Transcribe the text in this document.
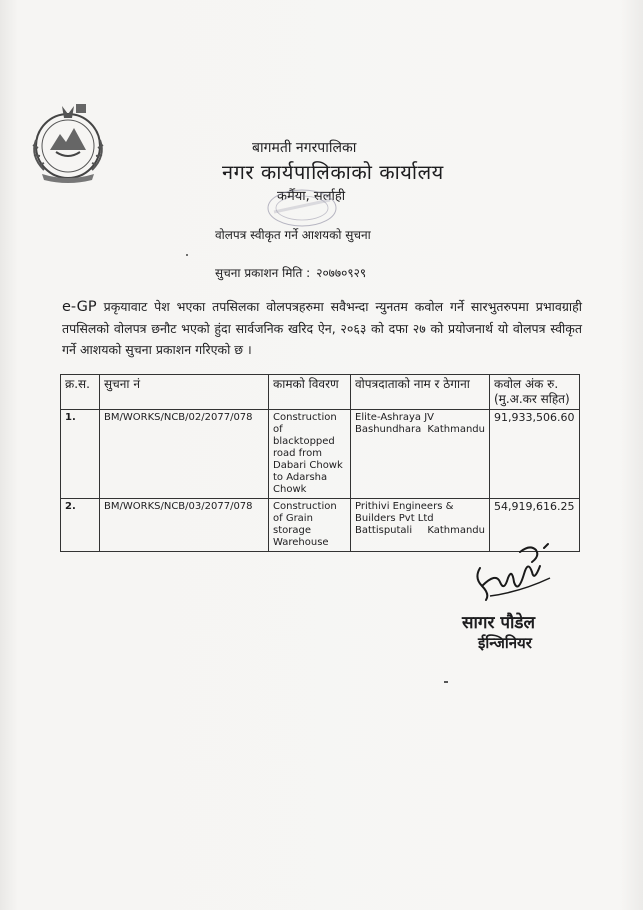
बागमती नगरपालिका
नगर कार्यपालिकाको कार्यालय
कर्मैया, सर्लाही
वोलपत्र स्वीकृत गर्ने आशयको सुचना
सुचना प्रकाशन मिति : २०७७०९२९
e-GP प्रकृयावाट पेश भएका तपसिलका वोलपत्रहरुमा सवैभन्दा न्युनतम कवोल गर्ने सारभुतरुपमा प्रभावग्राही तपसिलको वोलपत्र छनौट भएको हुंदा सार्वजनिक खरिद ऐन, २०६३ को दफा २७ को प्रयोजनार्थ यो वोलपत्र स्वीकृत गर्ने आशयको सुचना प्रकाशन गरिएको छ ।
क्र.स.	सुचना नं	कामको विवरण	वोपत्रदाताको नाम र ठेगाना	कवोल अंक रु. (मु.अ.कर सहित)
1.	BM/WORKS/NCB/02/2077/078	Construction of blacktopped road from Dabari Chowk to Adarsha Chowk	Elite-Ashraya JV Bashundhara Kathmandu	91,933,506.60
2.	BM/WORKS/NCB/03/2077/078	Construction of Grain storage Warehouse	Prithivi Engineers & Builders Pvt Ltd Battisputali Kathmandu	54,919,616.25
सागर पौडेल
ईन्जिनियर
